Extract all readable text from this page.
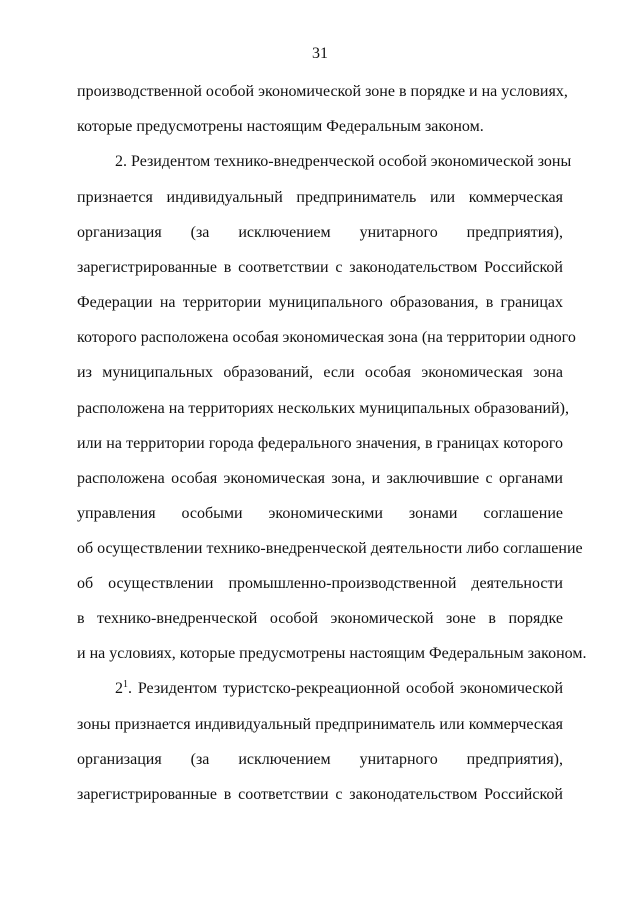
31
производственной особой экономической зоне в порядке и на условиях,
которые предусмотрены настоящим Федеральным законом.
2. Резидентом технико-внедренческой особой экономической зоны
признается индивидуальный предприниматель или коммерческая
организация (за исключением унитарного предприятия),
зарегистрированные в соответствии с законодательством Российской
Федерации на территории муниципального образования, в границах
которого расположена особая экономическая зона (на территории одного
из муниципальных образований, если особая экономическая зона
расположена на территориях нескольких муниципальных образований),
или на территории города федерального значения, в границах которого
расположена особая экономическая зона, и заключившие с органами
управления особыми экономическими зонами соглашение
об осуществлении технико-внедренческой деятельности либо соглашение
об осуществлении промышленно-производственной деятельности
в технико-внедренческой особой экономической зоне в порядке
и на условиях, которые предусмотрены настоящим Федеральным законом.
$2^1$. Резидентом туристско-рекреационной особой экономической
зоны признается индивидуальный предприниматель или коммерческая
организация (за исключением унитарного предприятия),
зарегистрированные в соответствии с законодательством Российской
